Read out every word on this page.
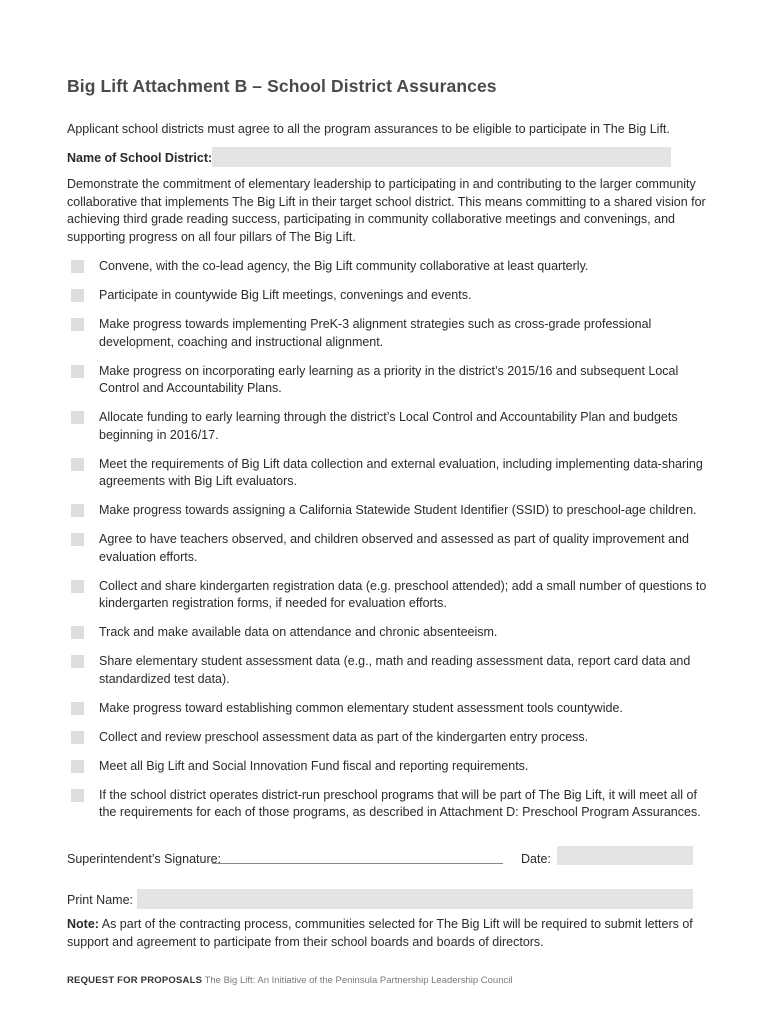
Big Lift Attachment B – School District Assurances
Applicant school districts must agree to all the program assurances to be eligible to participate in The Big Lift.
Name of School District:
Demonstrate the commitment of elementary leadership to participating in and contributing to the larger community collaborative that implements The Big Lift in their target school district. This means committing to a shared vision for achieving third grade reading success, participating in community collaborative meetings and convenings, and supporting progress on all four pillars of The Big Lift.
Convene, with the co-lead agency, the Big Lift community collaborative at least quarterly.
Participate in countywide Big Lift meetings, convenings and events.
Make progress towards implementing PreK-3 alignment strategies such as cross-grade professional development, coaching and instructional alignment.
Make progress on incorporating early learning as a priority in the district’s 2015/16 and subsequent Local Control and Accountability Plans.
Allocate funding to early learning through the district’s Local Control and Accountability Plan and budgets beginning in 2016/17.
Meet the requirements of Big Lift data collection and external evaluation, including implementing data-sharing agreements with Big Lift evaluators.
Make progress towards assigning a California Statewide Student Identifier (SSID) to preschool-age children.
Agree to have teachers observed, and children observed and assessed as part of quality improvement and evaluation efforts.
Collect and share kindergarten registration data (e.g. preschool attended); add a small number of questions to kindergarten registration forms, if needed for evaluation efforts.
Track and make available data on attendance and chronic absenteeism.
Share elementary student assessment data (e.g., math and reading assessment data, report card data and standardized test data).
Make progress toward establishing common elementary student assessment tools countywide.
Collect and review preschool assessment data as part of the kindergarten entry process.
Meet all Big Lift and Social Innovation Fund fiscal and reporting requirements.
If the school district operates district-run preschool programs that will be part of The Big Lift, it will meet all of the requirements for each of those programs, as described in Attachment D: Preschool Program Assurances.
Superintendent’s Signature:	Date:
Print Name:
Note: As part of the contracting process, communities selected for The Big Lift will be required to submit letters of support and agreement to participate from their school boards and boards of directors.
REQUEST FOR PROPOSALS The Big Lift: An Initiative of the Peninsula Partnership Leadership Council
